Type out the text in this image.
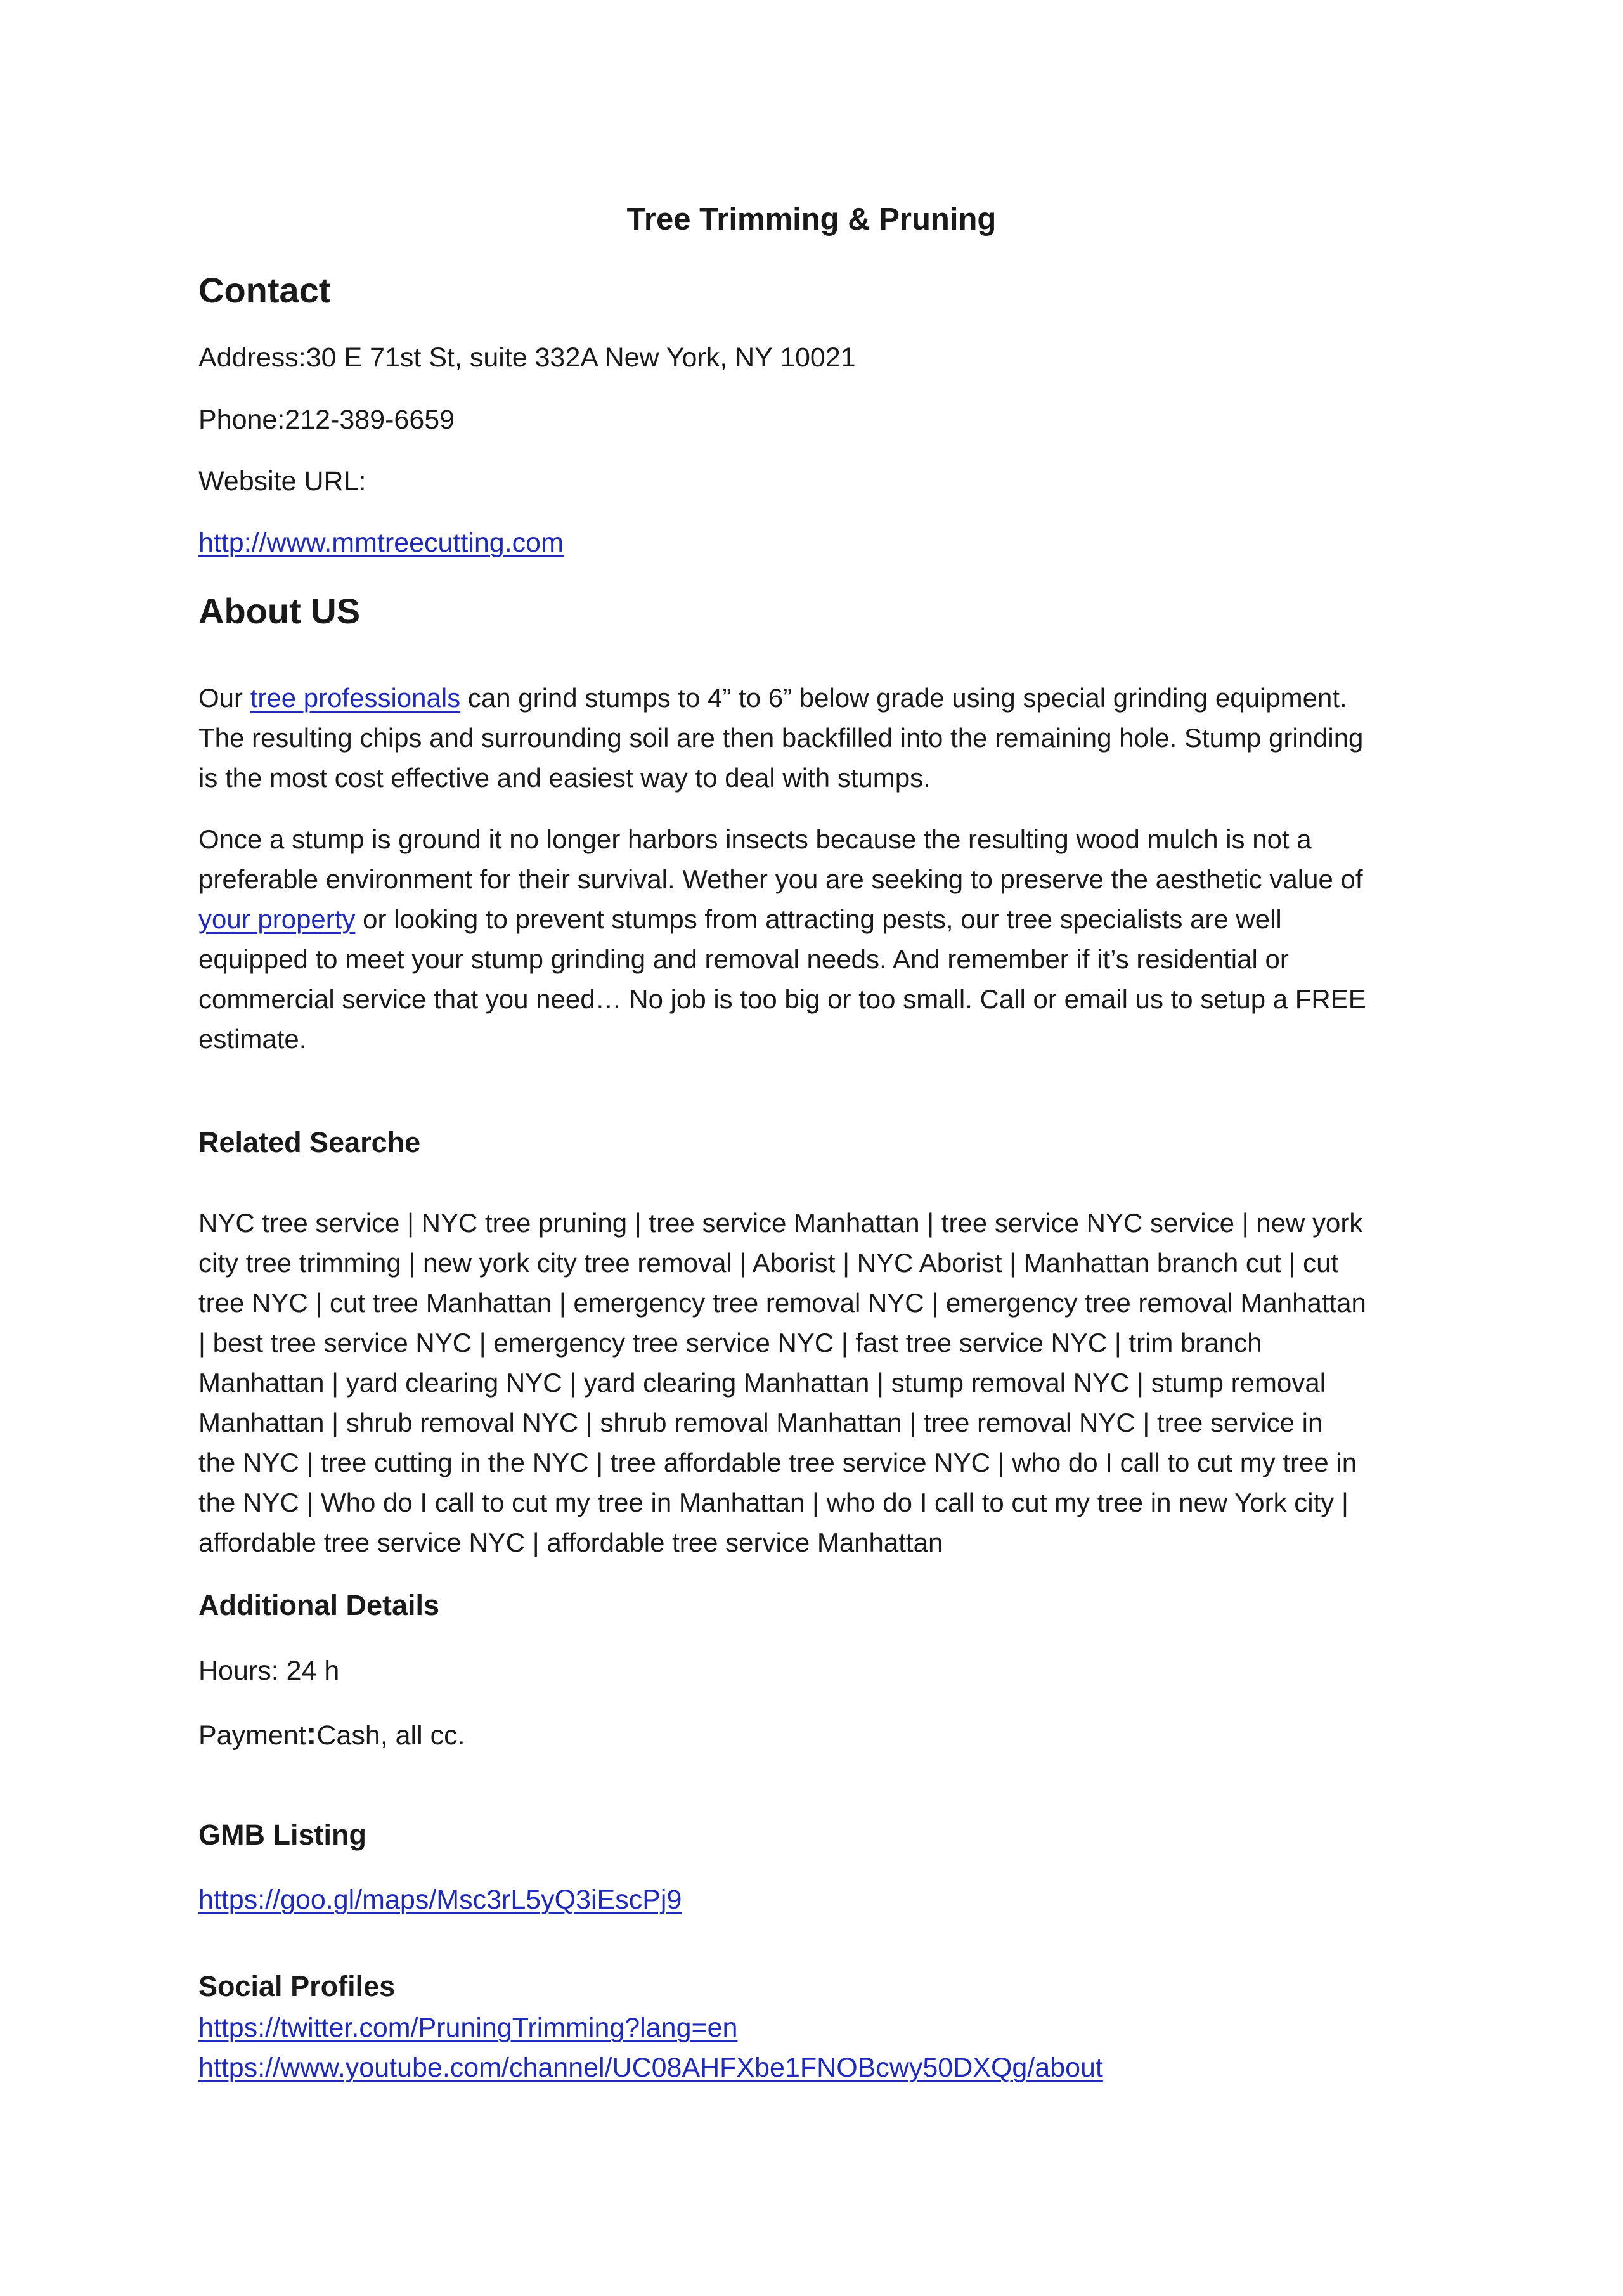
Tree Trimming & Pruning
Contact

Address:30 E 71st St, suite 332A New York, NY 10021

Phone:212-389-6659

Website URL:

http://www.mmtreecutting.com

About US
Our tree professionals can grind stumps to 4” to 6” below grade using special grinding equipment.
The resulting chips and surrounding soil are then backfilled into the remaining hole. Stump grinding
is the most cost effective and easiest way to deal with stumps.
Once a stump is ground it no longer harbors insects because the resulting wood mulch is not a
preferable environment for their survival. Wether you are seeking to preserve the aesthetic value of
your property or looking to prevent stumps from attracting pests, our tree specialists are well
equipped to meet your stump grinding and removal needs. And remember if it’s residential or
commercial service that you need… No job is too big or too small. Call or email us to setup a FREE
estimate.
Related Searche
NYC tree service | NYC tree pruning | tree service Manhattan | tree service NYC service | new york
city tree trimming | new york city tree removal | Aborist | NYC Aborist | Manhattan branch cut | cut
tree NYC | cut tree Manhattan | emergency tree removal NYC | emergency tree removal Manhattan
| best tree service NYC | emergency tree service NYC | fast tree service NYC | trim branch
Manhattan | yard clearing NYC | yard clearing Manhattan | stump removal NYC | stump removal
Manhattan | shrub removal NYC | shrub removal Manhattan | tree removal NYC | tree service in
the NYC | tree cutting in the NYC | tree affordable tree service NYC | who do I call to cut my tree in
the NYC | Who do I call to cut my tree in Manhattan | who do I call to cut my tree in new York city |
affordable tree service NYC | affordable tree service Manhattan
Additional Details

Hours: 24 h

Payment:Cash, all cc.

GMB Listing

https://goo.gl/maps/Msc3rL5yQ3iEscPj9

Social Profiles

https://twitter.com/PruningTrimming?lang=en

https://www.youtube.com/channel/UC08AHFXbe1FNOBcwy50DXQg/about
